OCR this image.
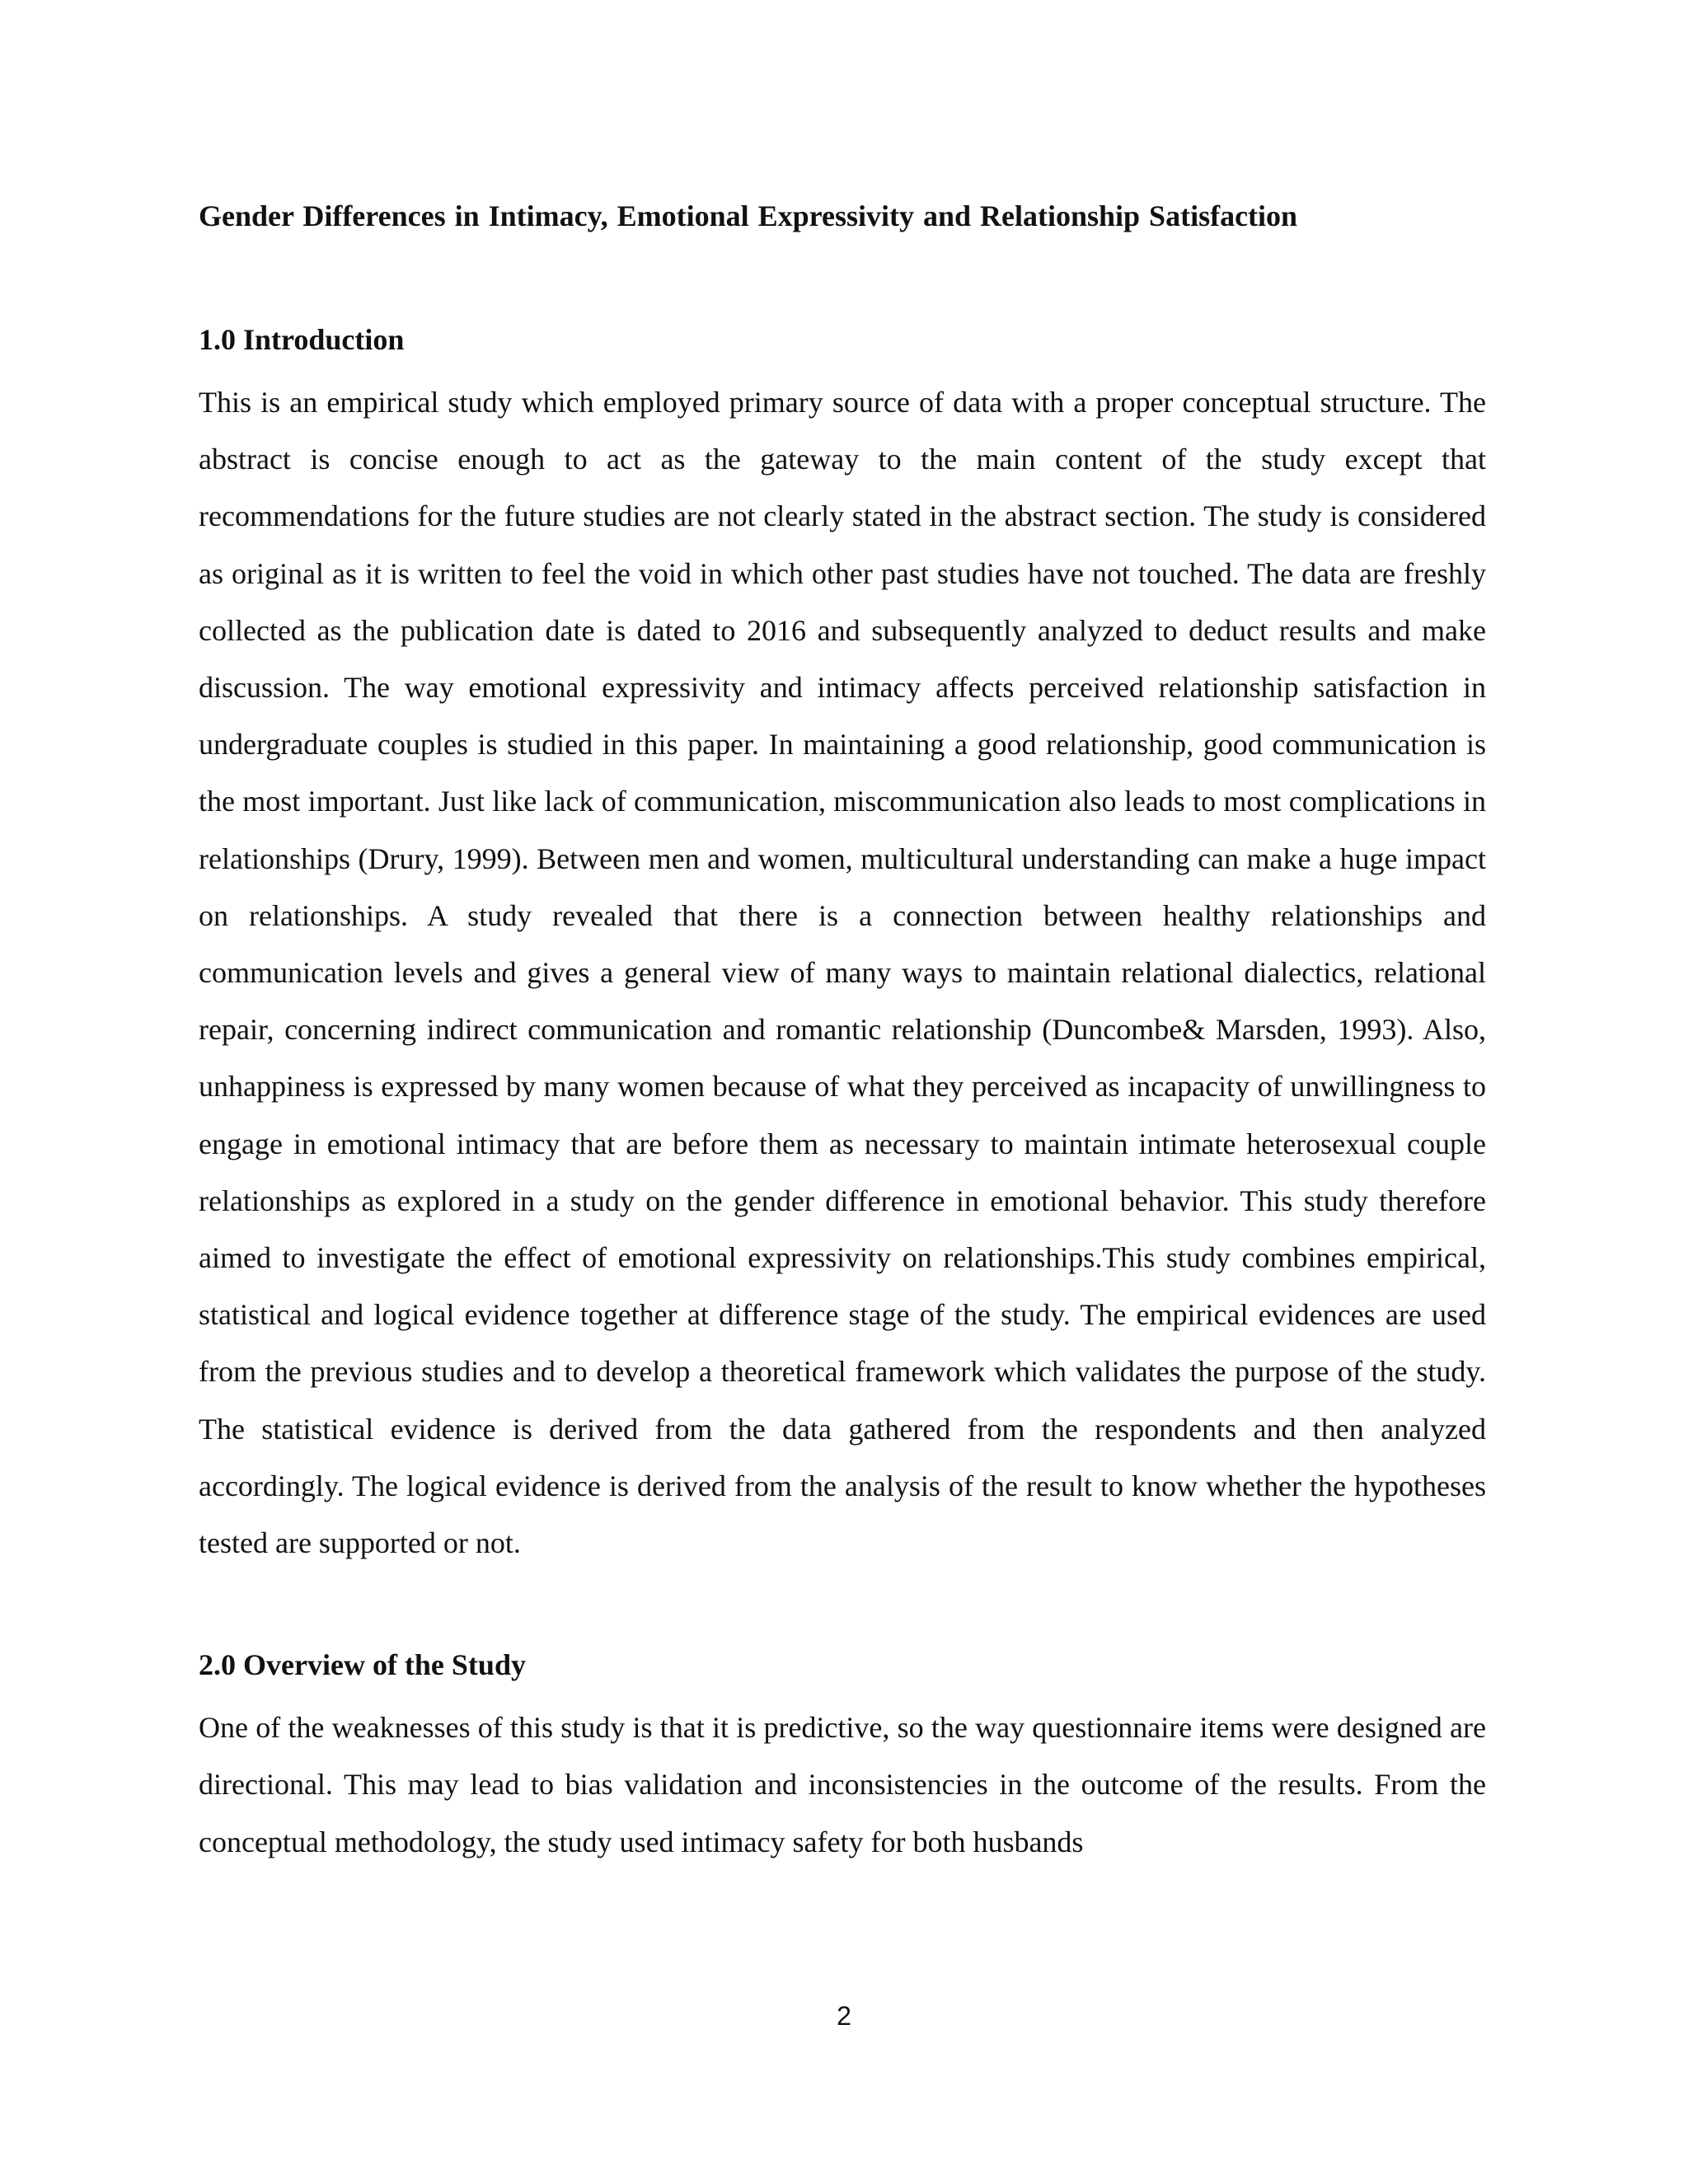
Gender Differences in Intimacy, Emotional Expressivity and Relationship Satisfaction
1.0 Introduction

This is an empirical study which employed primary source of data with a proper conceptual structure. The abstract is concise enough to act as the gateway to the main content of the study except that recommendations for the future studies are not clearly stated in the abstract section. The study is considered as original as it is written to feel the void in which other past studies have not touched. The data are freshly collected as the publication date is dated to 2016 and subsequently analyzed to deduct results and make discussion. The way emotional expressivity and intimacy affects perceived relationship satisfaction in undergraduate couples is studied in this paper. In maintaining a good relationship, good communication is the most important. Just like lack of communication, miscommunication also leads to most complications in relationships (Drury, 1999). Between men and women, multicultural understanding can make a huge impact on relationships. A study revealed that there is a connection between healthy relationships and communication levels and gives a general view of many ways to maintain relational dialectics, relational repair, concerning indirect communication and romantic relationship (Duncombe& Marsden, 1993). Also, unhappiness is expressed by many women because of what they perceived as incapacity of unwillingness to engage in emotional intimacy that are before them as necessary to maintain intimate heterosexual couple relationships as explored in a study on the gender difference in emotional behavior. This study therefore aimed to investigate the effect of emotional expressivity on relationships.This study combines empirical, statistical and logical evidence together at difference stage of the study. The empirical evidences are used from the previous studies and to develop a theoretical framework which validates the purpose of the study. The statistical evidence is derived from the data gathered from the respondents and then analyzed accordingly. The logical evidence is derived from the analysis of the result to know whether the hypotheses tested are supported or not.

2.0 Overview of the Study

One of the weaknesses of this study is that it is predictive, so the way questionnaire items were designed are directional. This may lead to bias validation and inconsistencies in the outcome of the results. From the conceptual methodology, the study used intimacy safety for both husbands

2
